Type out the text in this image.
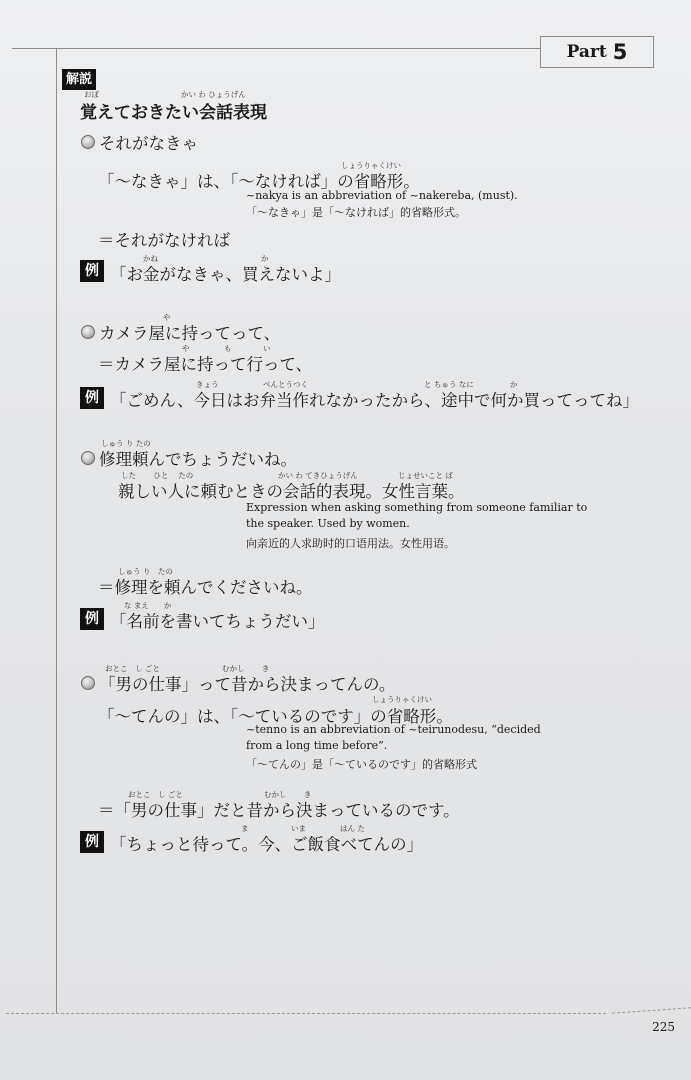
Part 5
解説
おぼ	かい わ ひょうげん
覚えておきたい会話表現
それがなきゃ
しょうりゃくけい
「〜なきゃ」は、「〜なければ」の省略形。
~nakya is an abbreviation of ~nakereba, (must).
「〜なきゃ」是「〜なければ」的省略形式。
＝それがなければ
例
かね	か
「お金がなきゃ、買えないよ」
や
カメラ屋に持ってって、
や	も	い
＝カメラ屋に持って行って、
例
きょう	べんとうつく	と ちゅう なに	か
「ごめん、今日はお弁当作れなかったから、途中で何か買ってってね」
しゅう り たの
修理頼んでちょうだいね。
した　　 ひと　 たの	かい わ てきひょうげん	じょせいこと ば
親しい人に頼むときの会話的表現。女性言葉。
Expression when asking something from someone familiar to
the speaker. Used by women.
向亲近的人求助时的口语用法。女性用语。
しゅう り　たの
＝修理を頼んでくださいね。
例
な まえ　　か
「名前を書いてちょうだい」
おとこ　し ごと	むかし　　 き
「男の仕事」って昔から決まってんの。
しょうりゃくけい
「〜てんの」は、「〜ているのです」の省略形。
~tenno is an abbreviation of ~teirunodesu, “decided
from a long time before”.
「〜てんの」是「〜ているのです」的省略形式
おとこ　し ごと	むかし　　 き
＝「男の仕事」だと昔から決まっているのです。
例
ま	いま	はん た
「ちょっと待って。今、ご飯食べてんの」
225
